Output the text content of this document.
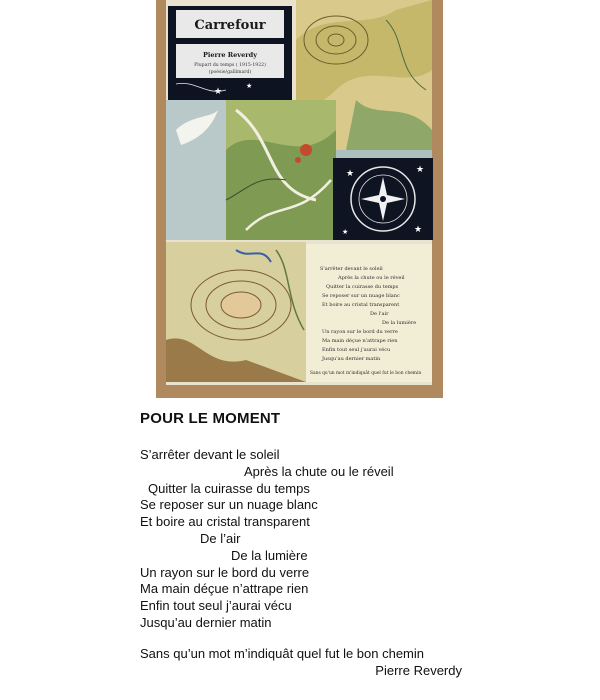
★	★
★
★
Carrefour
Pierre Reverdy
Plupart du temps ( 1915-1922)
(poésie/gallimard)
★	★
S'arrêter devant le soleil
Après la chute ou le réveil
Quitter la cuirasse du temps
Se reposer sur un nuage blanc
Et boire au cristal transparent
De l'air
De la lumière
Un rayon sur le bord du verre
Ma main déçue n'attrape rien
Enfin tout seul j'aurai vécu
Jusqu'au dernier matin
Sans qu'un mot m'indiquât quel fut le bon chemin
POUR LE MOMENT
S’arrêter devant le soleil
Après la chute ou le réveil
Quitter la cuirasse du temps
Se reposer sur un nuage blanc
Et boire au cristal transparent
De l’air
De la lumière
Un rayon sur le bord du verre
Ma main déçue n’attrape rien
Enfin tout seul j’aurai vécu
Jusqu’au dernier matin
Sans qu’un mot m’indiquât quel fut le bon chemin
Pierre Reverdy
